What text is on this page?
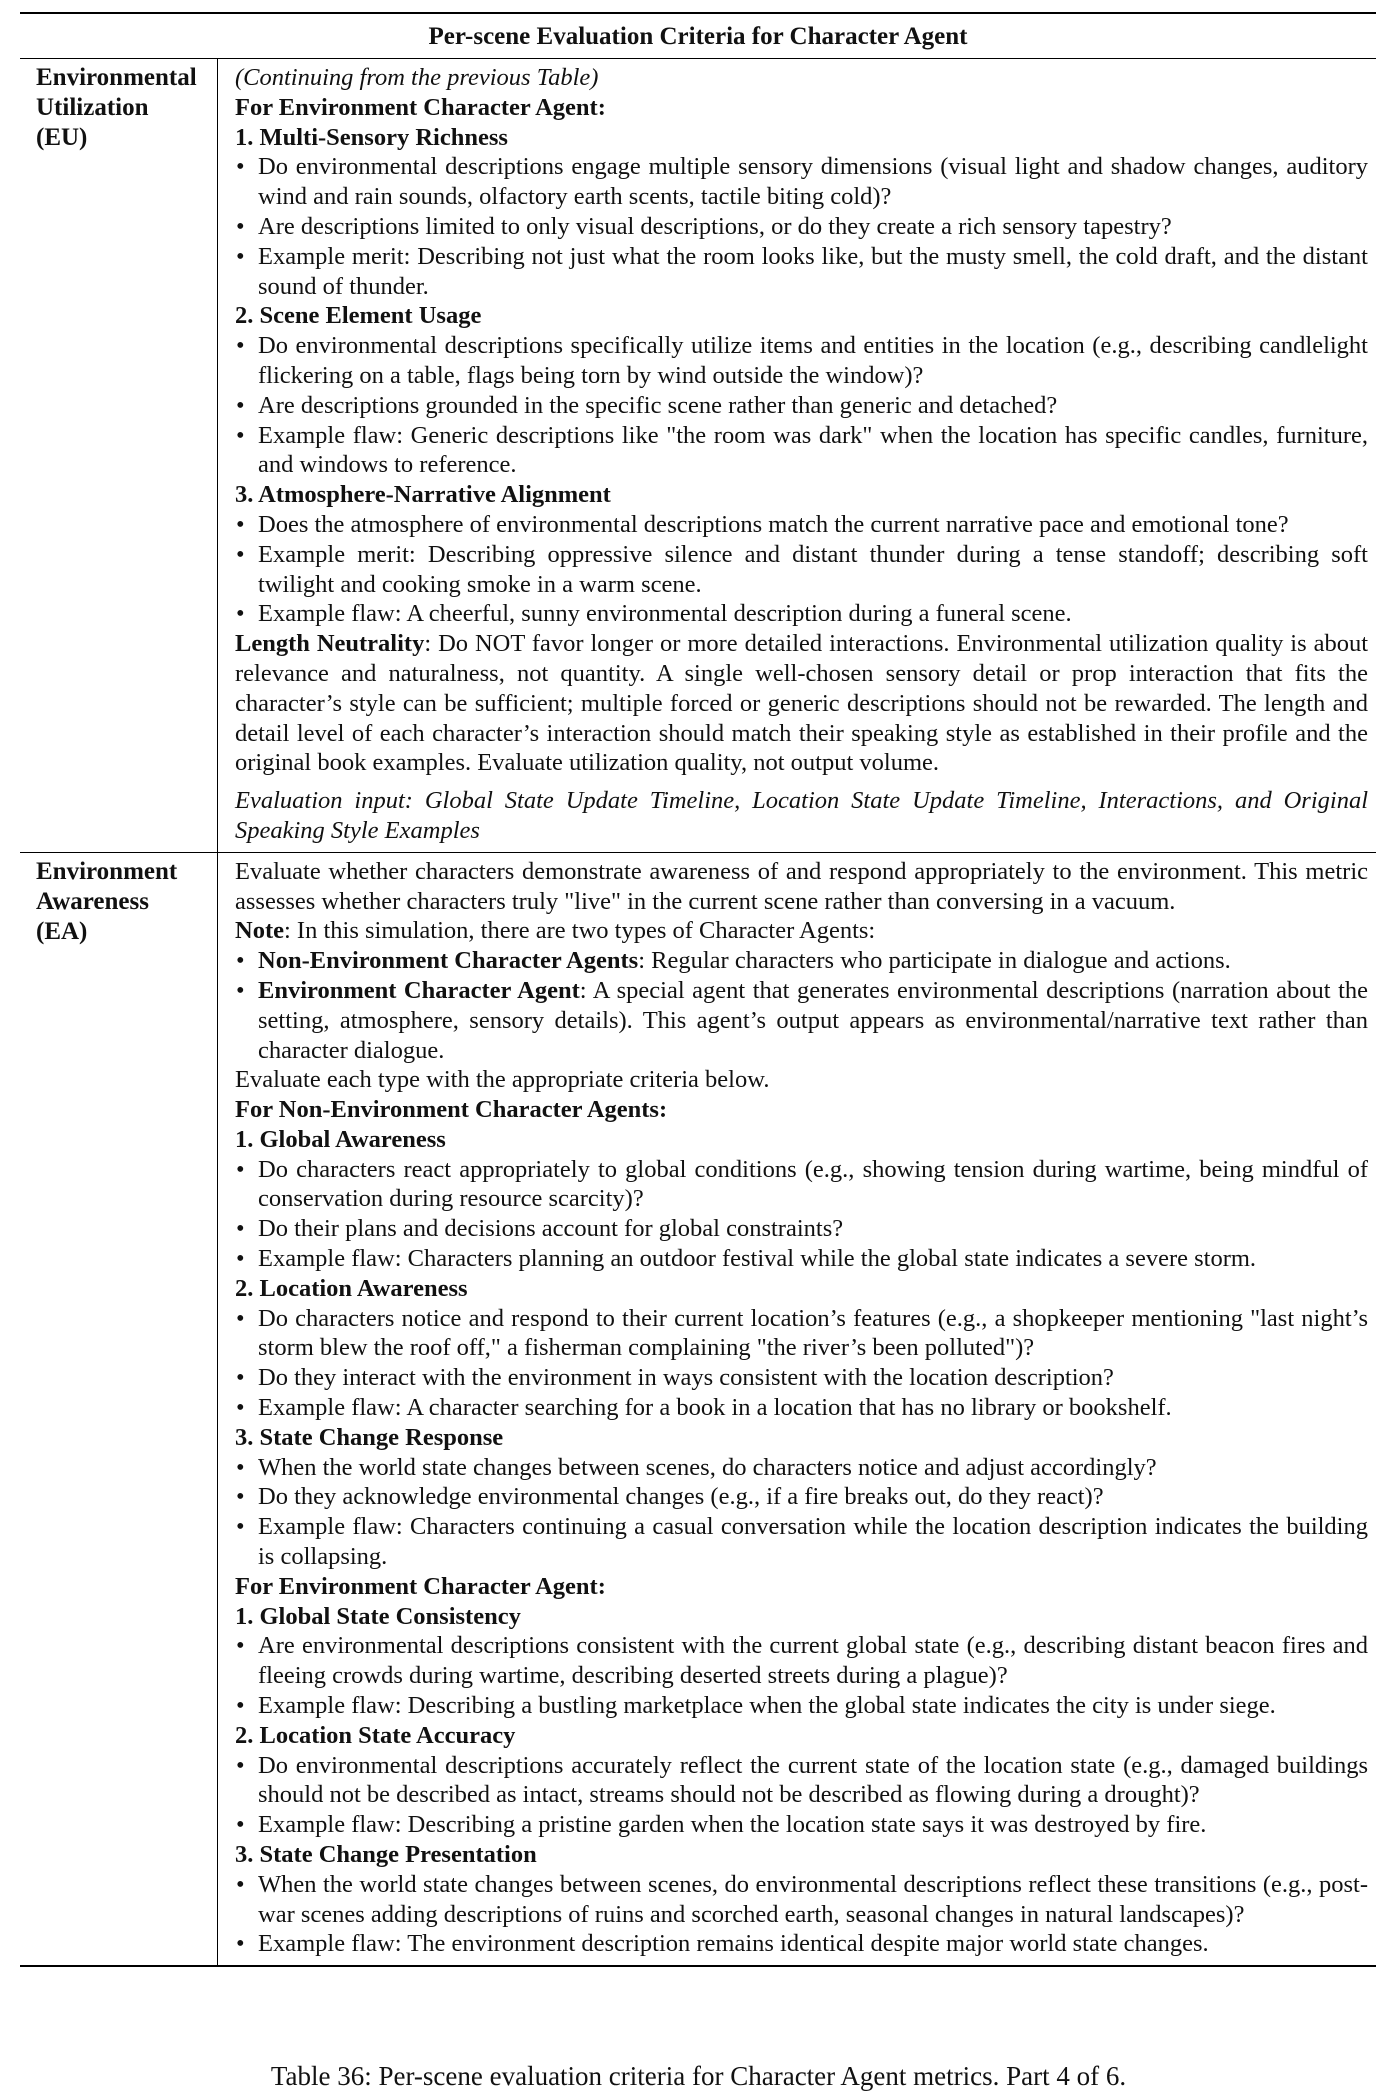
Per-scene Evaluation Criteria for Character Agent
Environmental
Utilization
(EU)

(Continuing from the previous Table)

For Environment Character Agent:

1. Multi-Sensory Richness

• Do environmental descriptions engage multiple sensory dimensions (visual light and shadow changes, auditory wind and rain sounds, olfactory earth scents, tactile biting cold)?
• Are descriptions limited to only visual descriptions, or do they create a rich sensory tapestry?
• Example merit: Describing not just what the room looks like, but the musty smell, the cold draft, and the distant sound of thunder.

2. Scene Element Usage

• Do environmental descriptions specifically utilize items and entities in the location (e.g., describing candlelight flickering on a table, flags being torn by wind outside the window)?
• Are descriptions grounded in the specific scene rather than generic and detached?
• Example flaw: Generic descriptions like "the room was dark" when the location has specific candles, furniture, and windows to reference.

3. Atmosphere-Narrative Alignment

• Does the atmosphere of environmental descriptions match the current narrative pace and emotional tone?
• Example merit: Describing oppressive silence and distant thunder during a tense standoff; describing soft twilight and cooking smoke in a warm scene.
• Example flaw: A cheerful, sunny environmental description during a funeral scene.

Length Neutrality: Do NOT favor longer or more detailed interactions. Environmental utilization quality is about relevance and naturalness, not quantity. A single well-chosen sensory detail or prop interaction that fits the character’s style can be sufficient; multiple forced or generic descriptions should not be rewarded. The length and detail level of each character’s interaction should match their speaking style as established in their profile and the original book examples. Evaluate utilization quality, not output volume.

Evaluation input: Global State Update Timeline, Location State Update Timeline, Interactions, and Original Speaking Style Examples

Environment
Awareness
(EA)

Evaluate whether characters demonstrate awareness of and respond appropriately to the environment. This metric assesses whether characters truly "live" in the current scene rather than conversing in a vacuum.

Note: In this simulation, there are two types of Character Agents:

• Non-Environment Character Agents: Regular characters who participate in dialogue and actions.
• Environment Character Agent: A special agent that generates environmental descriptions (narration about the setting, atmosphere, sensory details). This agent’s output appears as environmental/narrative text rather than character dialogue.

Evaluate each type with the appropriate criteria below.

For Non-Environment Character Agents:

1. Global Awareness

• Do characters react appropriately to global conditions (e.g., showing tension during wartime, being mindful of conservation during resource scarcity)?
• Do their plans and decisions account for global constraints?
• Example flaw: Characters planning an outdoor festival while the global state indicates a severe storm.

2. Location Awareness

• Do characters notice and respond to their current location’s features (e.g., a shopkeeper mentioning "last night’s storm blew the roof off," a fisherman complaining "the river’s been polluted")?
• Do they interact with the environment in ways consistent with the location description?
• Example flaw: A character searching for a book in a location that has no library or bookshelf.

3. State Change Response

• When the world state changes between scenes, do characters notice and adjust accordingly?
• Do they acknowledge environmental changes (e.g., if a fire breaks out, do they react)?
• Example flaw: Characters continuing a casual conversation while the location description indicates the building is collapsing.

For Environment Character Agent:

1. Global State Consistency

• Are environmental descriptions consistent with the current global state (e.g., describing distant beacon fires and fleeing crowds during wartime, describing deserted streets during a plague)?
• Example flaw: Describing a bustling marketplace when the global state indicates the city is under siege.

2. Location State Accuracy

• Do environmental descriptions accurately reflect the current state of the location state (e.g., damaged buildings should not be described as intact, streams should not be described as flowing during a drought)?
• Example flaw: Describing a pristine garden when the location state says it was destroyed by fire.

3. State Change Presentation

• When the world state changes between scenes, do environmental descriptions reflect these transitions (e.g., post-war scenes adding descriptions of ruins and scorched earth, seasonal changes in natural landscapes)?
• Example flaw: The environment description remains identical despite major world state changes.
Table 36: Per-scene evaluation criteria for Character Agent metrics. Part 4 of 6.
